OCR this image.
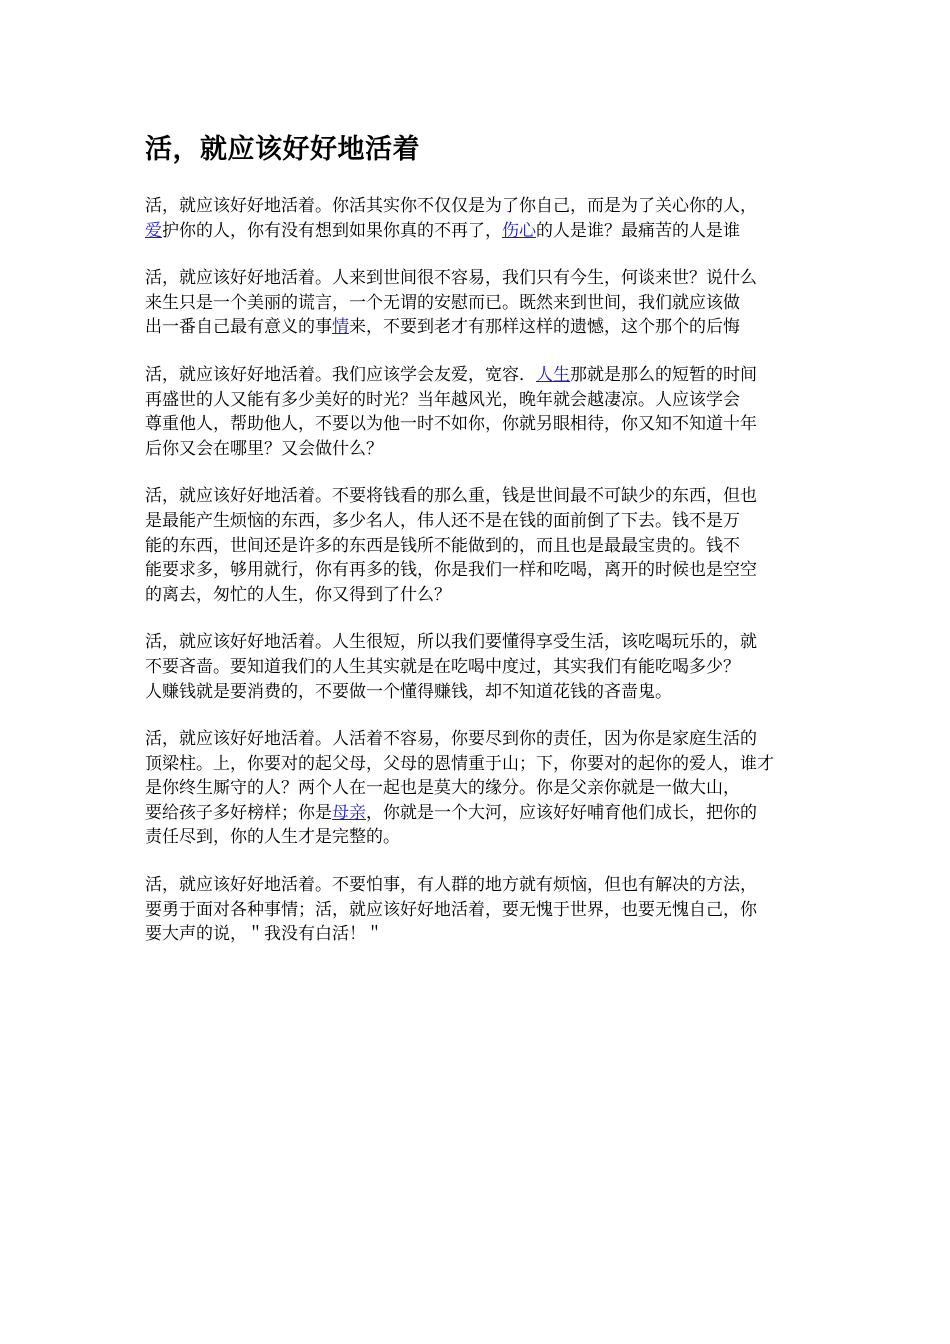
活，就应该好好地活着
活，就应该好好地活着。你活其实你不仅仅是为了你自己，而是为了关心你的人，
爱护你的人，你有没有想到如果你真的不再了，伤心的人是谁？最痛苦的人是谁
活，就应该好好地活着。人来到世间很不容易，我们只有今生，何谈来世？说什么
来生只是一个美丽的谎言，一个无谓的安慰而已。既然来到世间，我们就应该做
出一番自己最有意义的事情来，不要到老才有那样这样的遗憾，这个那个的后悔
活，就应该好好地活着。我们应该学会友爱，宽容．人生那就是那么的短暂的时间
再盛世的人又能有多少美好的时光？当年越风光，晚年就会越凄凉。人应该学会
尊重他人，帮助他人，不要以为他一时不如你，你就另眼相待，你又知不知道十年
后你又会在哪里？又会做什么？
活，就应该好好地活着。不要将钱看的那么重，钱是世间最不可缺少的东西，但也
是最能产生烦恼的东西，多少名人，伟人还不是在钱的面前倒了下去。钱不是万
能的东西，世间还是许多的东西是钱所不能做到的，而且也是最最宝贵的。钱不
能要求多，够用就行，你有再多的钱，你是我们一样和吃喝，离开的时候也是空空
的离去，匆忙的人生，你又得到了什么？
活，就应该好好地活着。人生很短，所以我们要懂得享受生活，该吃喝玩乐的，就
不要吝啬。要知道我们的人生其实就是在吃喝中度过，其实我们有能吃喝多少？
人赚钱就是要消费的，不要做一个懂得赚钱，却不知道花钱的吝啬鬼。
活，就应该好好地活着。人活着不容易，你要尽到你的责任，因为你是家庭生活的
顶梁柱。上，你要对的起父母，父母的恩情重于山；下，你要对的起你的爱人，谁才
是你终生厮守的人？两个人在一起也是莫大的缘分。你是父亲你就是一做大山，
要给孩子多好榜样；你是母亲，你就是一个大河，应该好好哺育他们成长，把你的
责任尽到，你的人生才是完整的。
活，就应该好好地活着。不要怕事，有人群的地方就有烦恼，但也有解决的方法，
要勇于面对各种事情；活，就应该好好地活着，要无愧于世界，也要无愧自己，你
要大声的说，＂我没有白活！＂
